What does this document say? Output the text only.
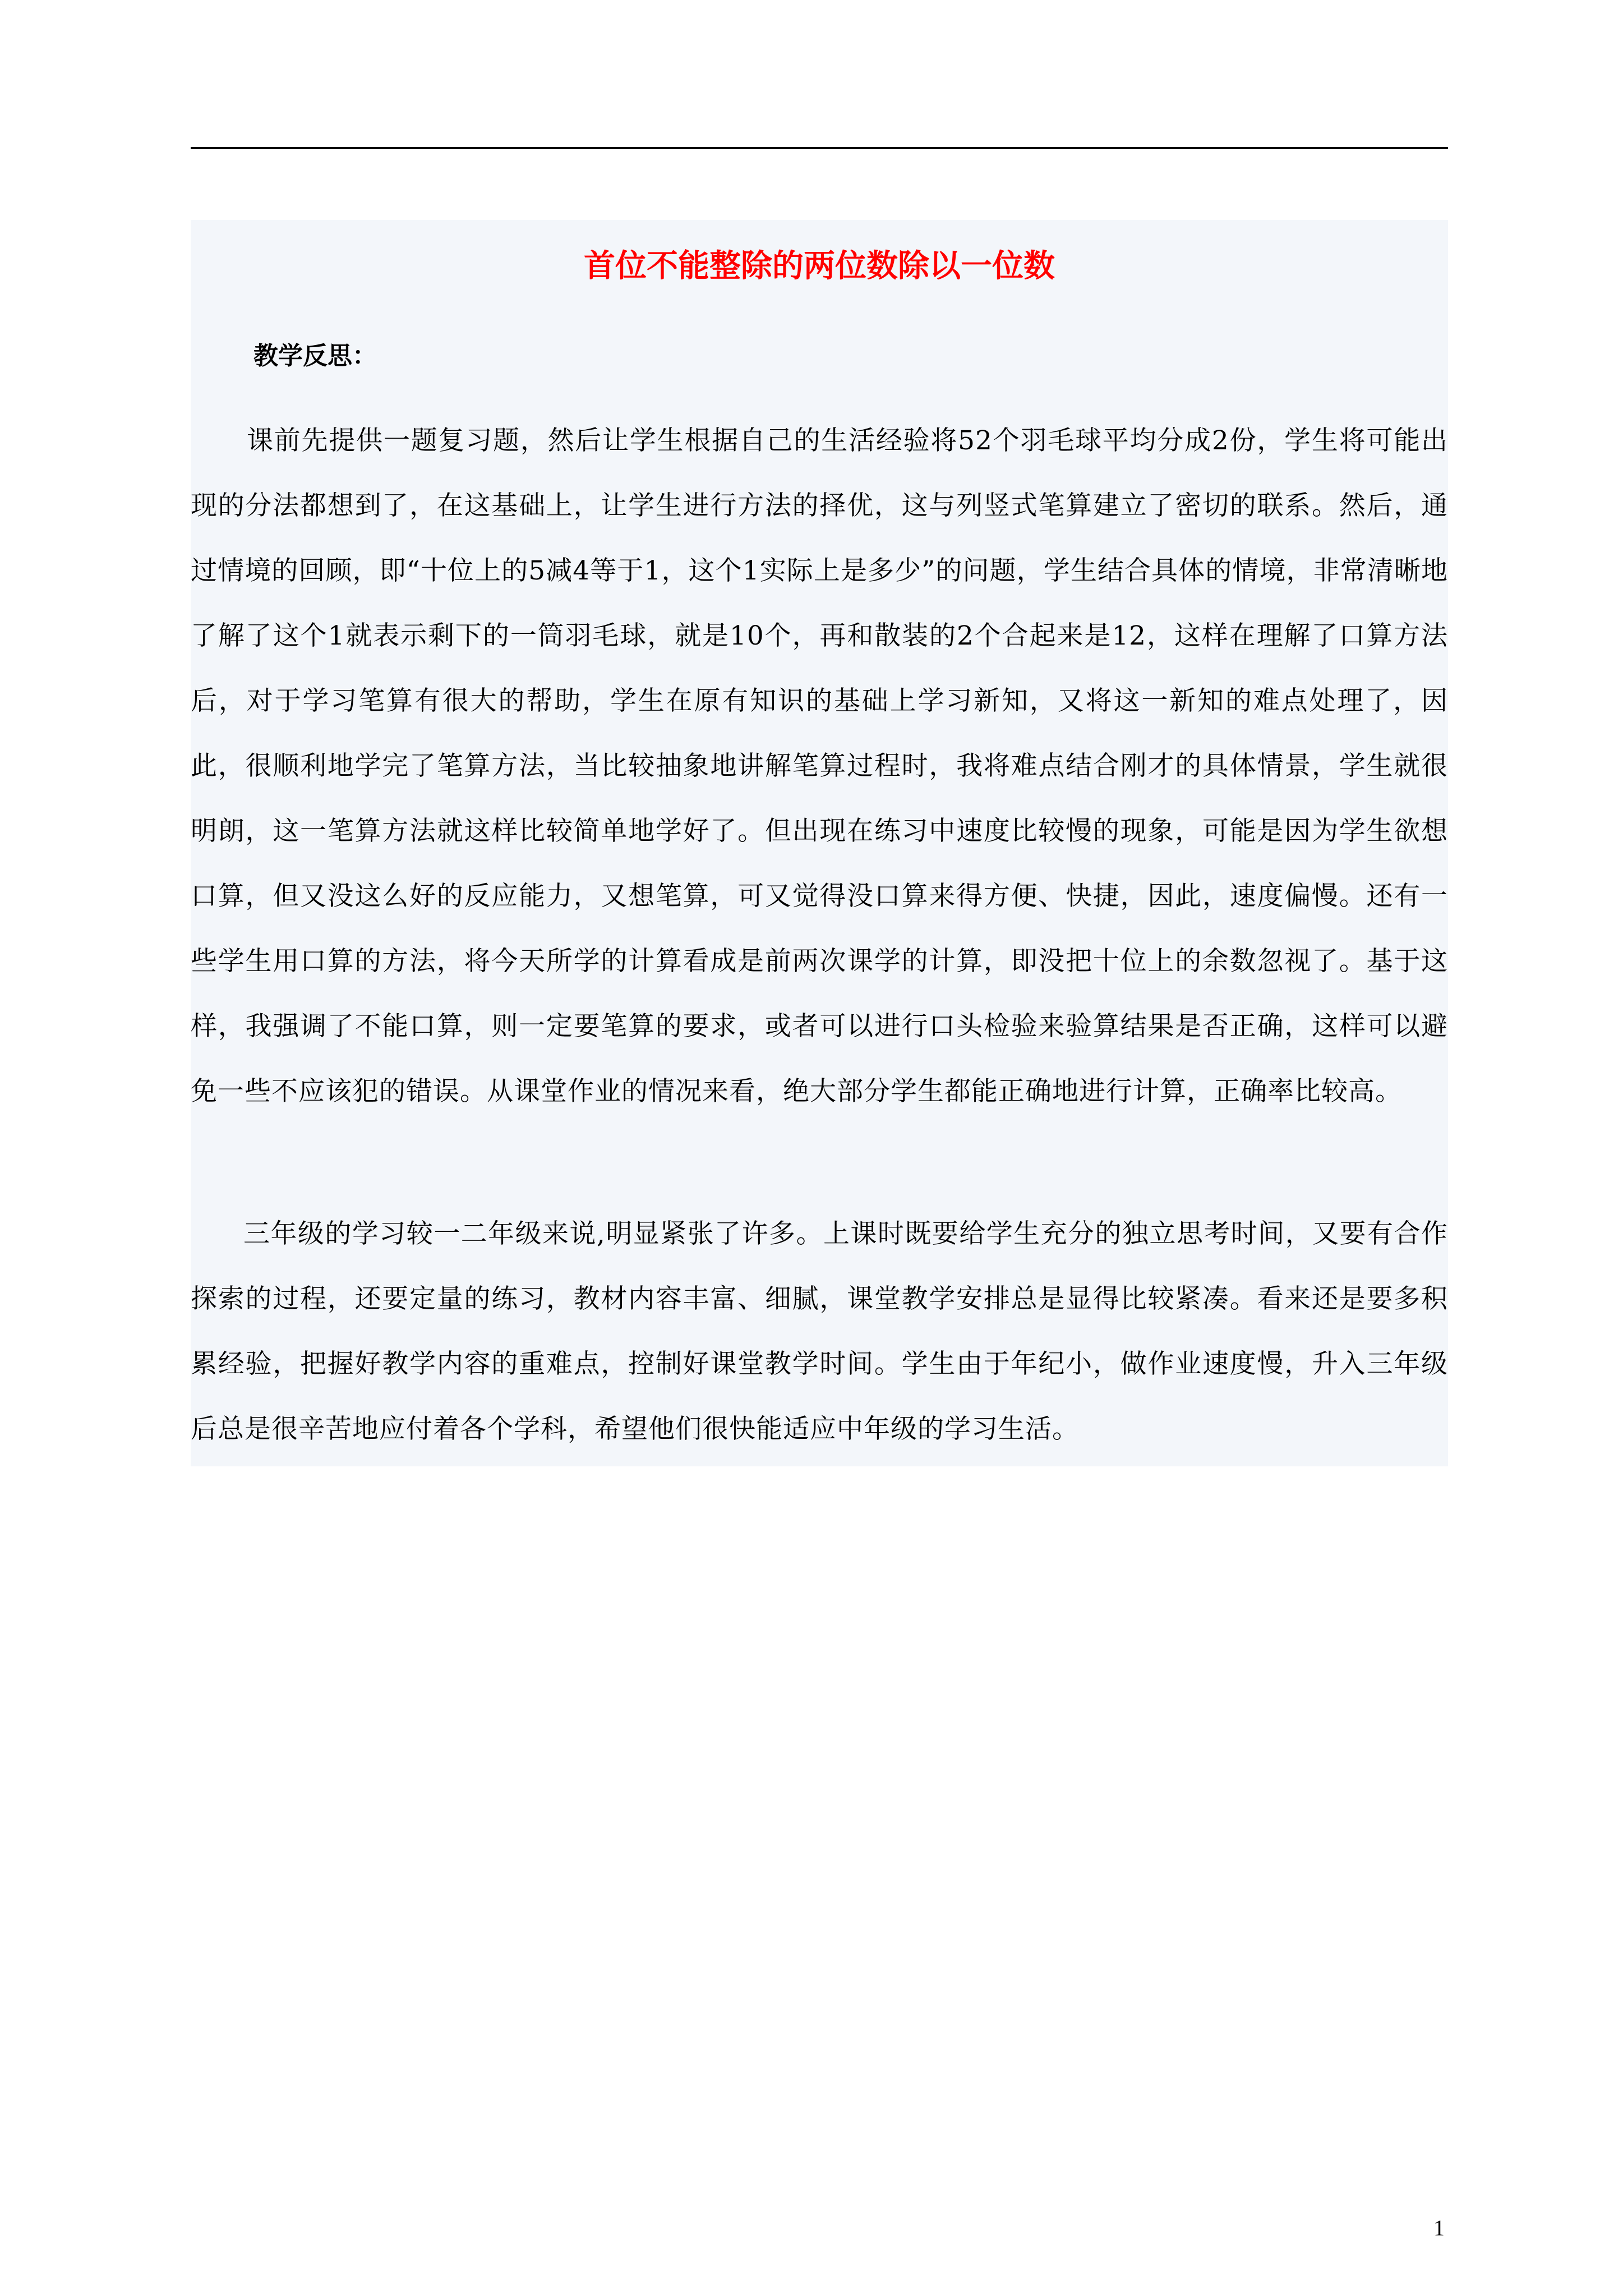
首位不能整除的两位数除以一位数
教学反思：

课前先提供一题复习题，然后让学生根据自己的生活经验将52个羽毛球平均分成2份，学生将可能出现的分法都想到了，在这基础上，让学生进行方法的择优，这与列竖式笔算建立了密切的联系。然后，通过情境的回顾，即“十位上的5减4等于1，这个1实际上是多少”的问题，学生结合具体的情境，非常清晰地了解了这个1就表示剩下的一筒羽毛球，就是10个，再和散装的2个合起来是12，这样在理解了口算方法后，对于学习笔算有很大的帮助，学生在原有知识的基础上学习新知，又将这一新知的难点处理了，因此，很顺利地学完了笔算方法，当比较抽象地讲解笔算过程时，我将难点结合刚才的具体情景，学生就很明朗，这一笔算方法就这样比较简单地学好了。但出现在练习中速度比较慢的现象，可能是因为学生欲想口算，但又没这么好的反应能力，又想笔算，可又觉得没口算来得方便、快捷，因此，速度偏慢。还有一些学生用口算的方法，将今天所学的计算看成是前两次课学的计算，即没把十位上的余数忽视了。基于这样，我强调了不能口算，则一定要笔算的要求，或者可以进行口头检验来验算结果是否正确，这样可以避免一些不应该犯的错误。从课堂作业的情况来看，绝大部分学生都能正确地进行计算，正确率比较高。

三年级的学习较一二年级来说,明显紧张了许多。上课时既要给学生充分的独立思考时间，又要有合作探索的过程，还要定量的练习，教材内容丰富、细腻，课堂教学安排总是显得比较紧凑。看来还是要多积累经验，把握好教学内容的重难点，控制好课堂教学时间。学生由于年纪小，做作业速度慢，升入三年级后总是很辛苦地应付着各个学科，希望他们很快能适应中年级的学习生活。

1
